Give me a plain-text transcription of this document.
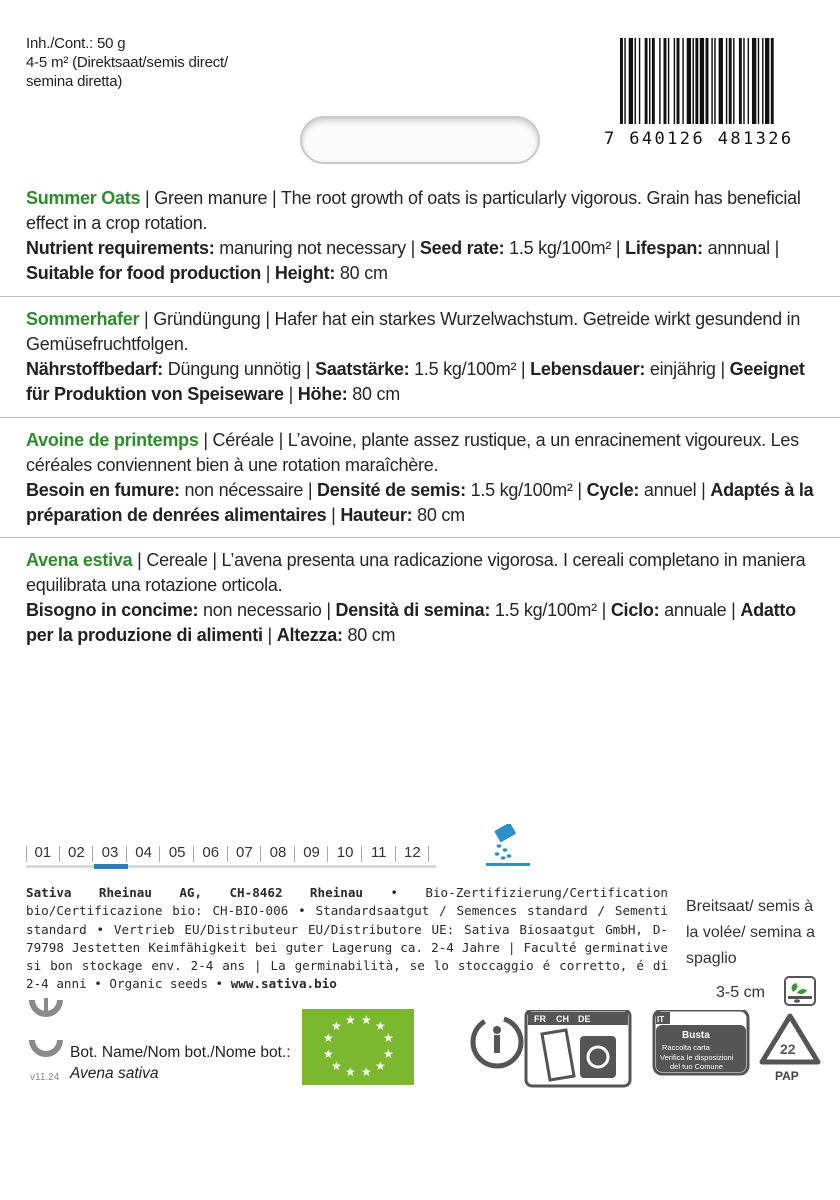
Inh./Cont.: 50 g
4-5 m² (Direktsaat/semis direct/
semina diretta)
7 640126 481326
Summer Oats | Green manure | The root growth of oats is particularly vigorous. Grain has beneficial effect in a crop rotation.
Nutrient requirements: manuring not necessary | Seed rate: 1.5 kg/100m² | Lifespan: annnual | Suitable for food production | Height: 80 cm
Sommerhafer | Gründüngung | Hafer hat ein starkes Wurzelwachstum. Getreide wirkt gesundend in Gemüsefruchtfolgen.
Nährstoffbedarf: Düngung unnötig | Saatstärke: 1.5 kg/100m² | Lebensdauer: einjährig | Geeignet für Produktion von Speiseware | Höhe: 80 cm
Avoine de printemps | Céréale | L’avoine, plante assez rustique, a un enracinement vigoureux. Les céréales conviennent bien à une rotation maraîchère.
Besoin en fumure: non nécessaire | Densité de semis: 1.5 kg/100m² | Cycle: annuel | Adaptés à la préparation de denrées alimentaires | Hauteur: 80 cm
Avena estiva | Cereale | L’avena presenta una radicazione vigorosa. I cereali completano in maniera equilibrata una rotazione orticola.
Bisogno in concime: non necessario | Densità di semina: 1.5 kg/100m² | Ciclo: annuale | Adatto per la produzione di alimenti | Altezza: 80 cm
01	02	03	04	05	06	07	08	09	10	11	12
Sativa Rheinau AG, CH-8462 Rheinau • Bio-Zertifizierung/Certification bio/Certificazione bio: CH-BIO-006 • Standardsaatgut / Semences standard / Sementi standard • Vertrieb EU/Distributeur EU/Distributore UE: Sativa Biosaatgut GmbH, D-79798 Jestetten Keimfähigkeit bei guter Lagerung ca. 2-4 Jahre | Faculté germinative si bon stockage env. 2-4 ans | La germinabilità, se lo stoccaggio é corretto, é di 2-4 anni • Organic seeds • www.sativa.bio
Breitsaat/ semis à la volée/ semina a spaglio
3-5 cm
Bot. Name/Nom bot./Nome bot.:
Avena sativa
v11.24
★
★ ★ ★ ★
★
★
★
★
★
★
★
FR CH DE	IT
Busta
Raccolta carta
Verifica le disposizioni
del tuo Comune
22
PAP
